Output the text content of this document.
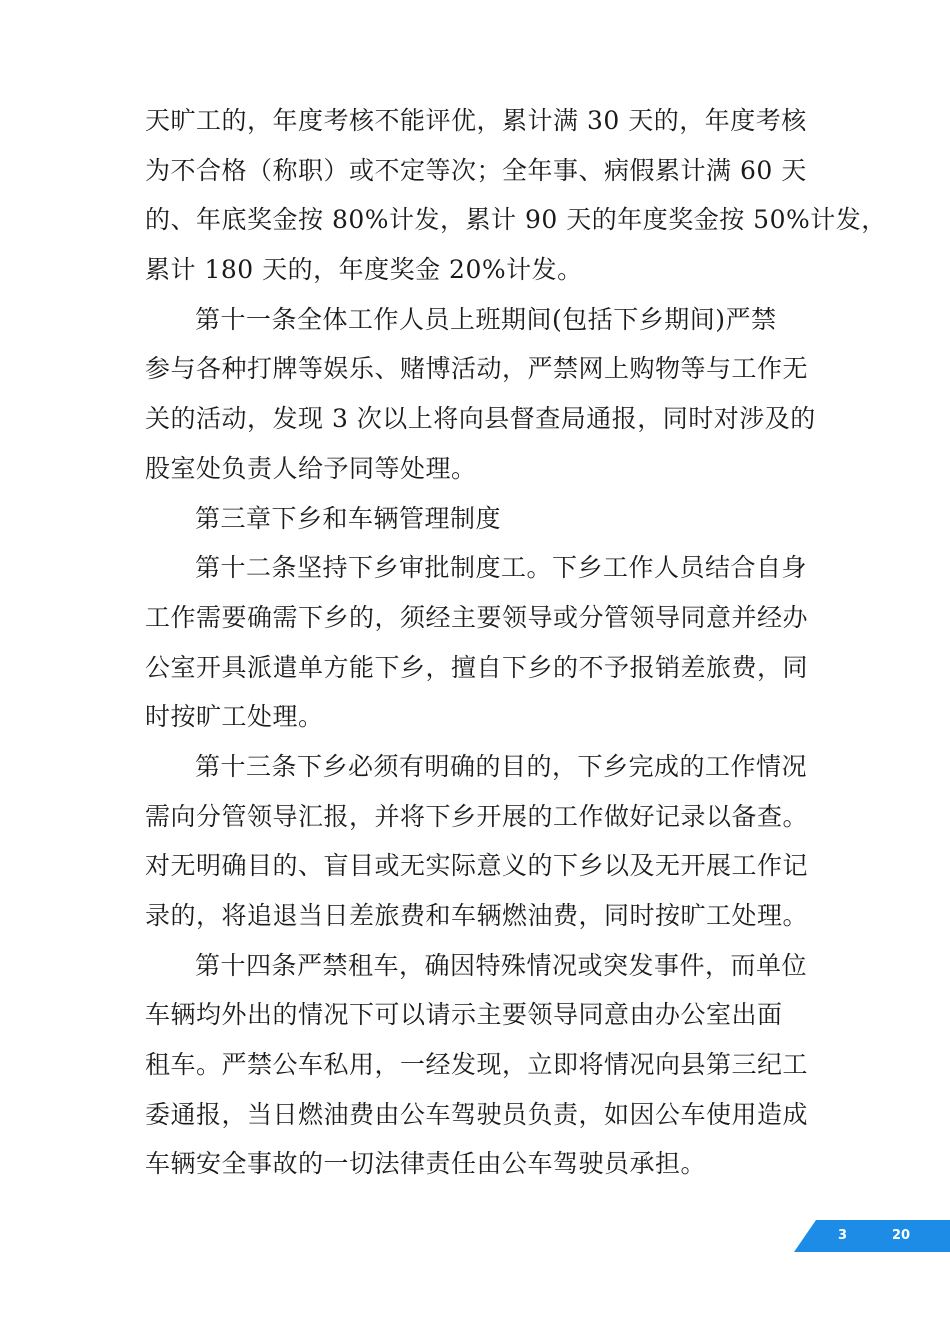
天旷工的，年度考核不能评优，累计满 30 天的，年度考核
为不合格（称职）或不定等次；全年事、病假累计满 60 天
的、年底奖金按 80%计发，累计 90 天的年度奖金按 50%计发，
累计 180 天的，年度奖金 20%计发。
第十一条全体工作人员上班期间(包括下乡期间)严禁
参与各种打牌等娱乐、赌博活动，严禁网上购物等与工作无
关的活动，发现 3 次以上将向县督查局通报，同时对涉及的
股室处负责人给予同等处理。
第三章下乡和车辆管理制度
第十二条坚持下乡审批制度工。下乡工作人员结合自身
工作需要确需下乡的，须经主要领导或分管领导同意并经办
公室开具派遣单方能下乡，擅自下乡的不予报销差旅费，同
时按旷工处理。
第十三条下乡必须有明确的目的，下乡完成的工作情况
需向分管领导汇报，并将下乡开展的工作做好记录以备查。
对无明确目的、盲目或无实际意义的下乡以及无开展工作记
录的，将追退当日差旅费和车辆燃油费，同时按旷工处理。
第十四条严禁租车，确因特殊情况或突发事件，而单位
车辆均外出的情况下可以请示主要领导同意由办公室出面
租车。严禁公车私用，一经发现，立即将情况向县第三纪工
委通报，当日燃油费由公车驾驶员负责，如因公车使用造成
车辆安全事故的一切法律责任由公车驾驶员承担。
3	20
